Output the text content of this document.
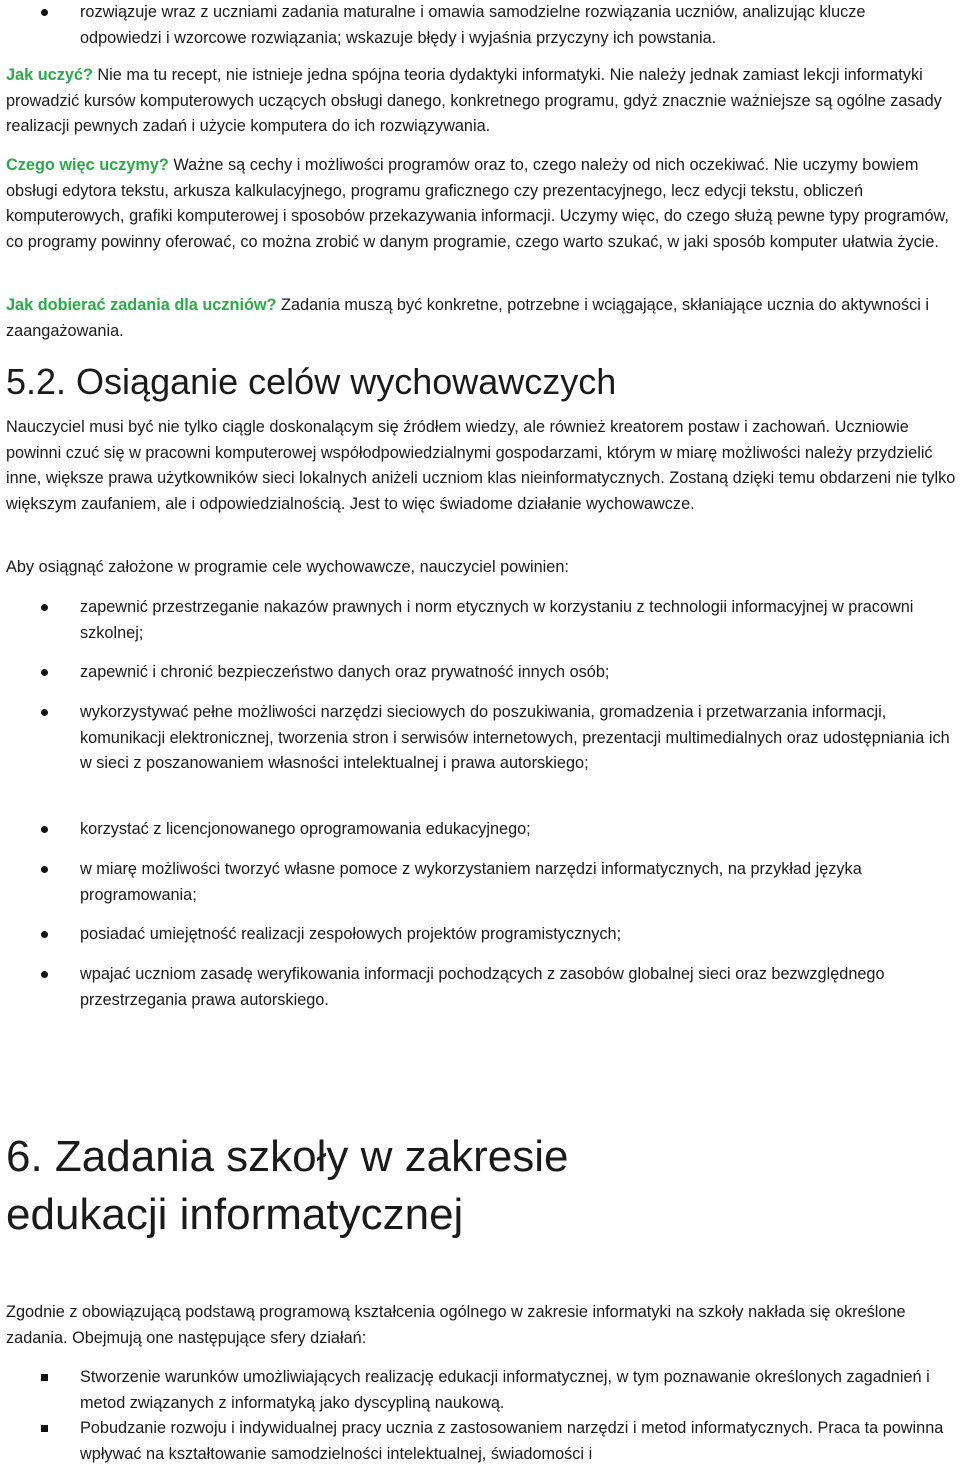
rozwiązuje wraz z uczniami zadania maturalne i omawia samodzielne rozwiązania uczniów, analizując klucze odpowiedzi i wzorcowe rozwiązania; wskazuje błędy i wyjaśnia przyczyny ich powstania.

Jak uczyć? Nie ma tu recept, nie istnieje jedna spójna teoria dydaktyki informatyki. Nie należy jednak zamiast lekcji informatyki prowadzić kursów komputerowych uczących obsługi danego, konkretnego programu, gdyż znacznie ważniejsze są ogólne zasady realizacji pewnych zadań i użycie komputera do ich rozwiązywania.

Czego więc uczymy? Ważne są cechy i możliwości programów oraz to, czego należy od nich oczekiwać. Nie uczymy bowiem obsługi edytora tekstu, arkusza kalkulacyjnego, programu graficznego czy prezentacyjnego, lecz edycji tekstu, obliczeń komputerowych, grafiki komputerowej i sposobów przekazywania informacji. Uczymy więc, do czego służą pewne typy programów, co programy powinny oferować, co można zrobić w danym programie, czego warto szukać, w jaki sposób komputer ułatwia życie.

Jak dobierać zadania dla uczniów? Zadania muszą być konkretne, potrzebne i wciągające, skłaniające ucznia do aktywności i zaangażowania.

5.2. Osiąganie celów wychowawczych

Nauczyciel musi być nie tylko ciągle doskonalącym się źródłem wiedzy, ale również kreatorem postaw i zachowań. Uczniowie powinni czuć się w pracowni komputerowej współodpowiedzialnymi gospodarzami, którym w miarę możliwości należy przydzielić inne, większe prawa użytkowników sieci lokalnych aniżeli uczniom klas nieinformatycznych. Zostaną dzięki temu obdarzeni nie tylko większym zaufaniem, ale i odpowiedzialnością. Jest to więc świadome działanie wychowawcze.

Aby osiągnąć założone w programie cele wychowawcze, nauczyciel powinien:

zapewnić przestrzeganie nakazów prawnych i norm etycznych w korzystaniu z technologii informacyjnej w pracowni szkolnej;

zapewnić i chronić bezpieczeństwo danych oraz prywatność innych osób;

wykorzystywać pełne możliwości narzędzi sieciowych do poszukiwania, gromadzenia i przetwarzania informacji, komunikacji elektronicznej, tworzenia stron i serwisów internetowych, prezentacji multimedialnych oraz udostępniania ich w sieci z poszanowaniem własności intelektualnej i prawa autorskiego;

korzystać z licencjonowanego oprogramowania edukacyjnego;

w miarę możliwości tworzyć własne pomoce z wykorzystaniem narzędzi informatycznych, na przykład języka programowania;

posiadać umiejętność realizacji zespołowych projektów programistycznych;

wpajać uczniom zasadę weryfikowania informacji pochodzących z zasobów globalnej sieci oraz bezwzględnego przestrzegania prawa autorskiego.

6. Zadania szkoły w zakresie
edukacji informatycznej

Zgodnie z obowiązującą podstawą programową kształcenia ogólnego w zakresie informatyki na szkoły nakłada się określone zadania. Obejmują one następujące sfery działań:

Stworzenie warunków umożliwiających realizację edukacji informatycznej, w tym poznawanie określonych zagadnień i metod związanych z informatyką jako dyscypliną naukową.

Pobudzanie rozwoju i indywidualnej pracy ucznia z zastosowaniem narzędzi i metod informatycznych. Praca ta powinna wpływać na kształtowanie samodzielności intelektualnej, świadomości i
